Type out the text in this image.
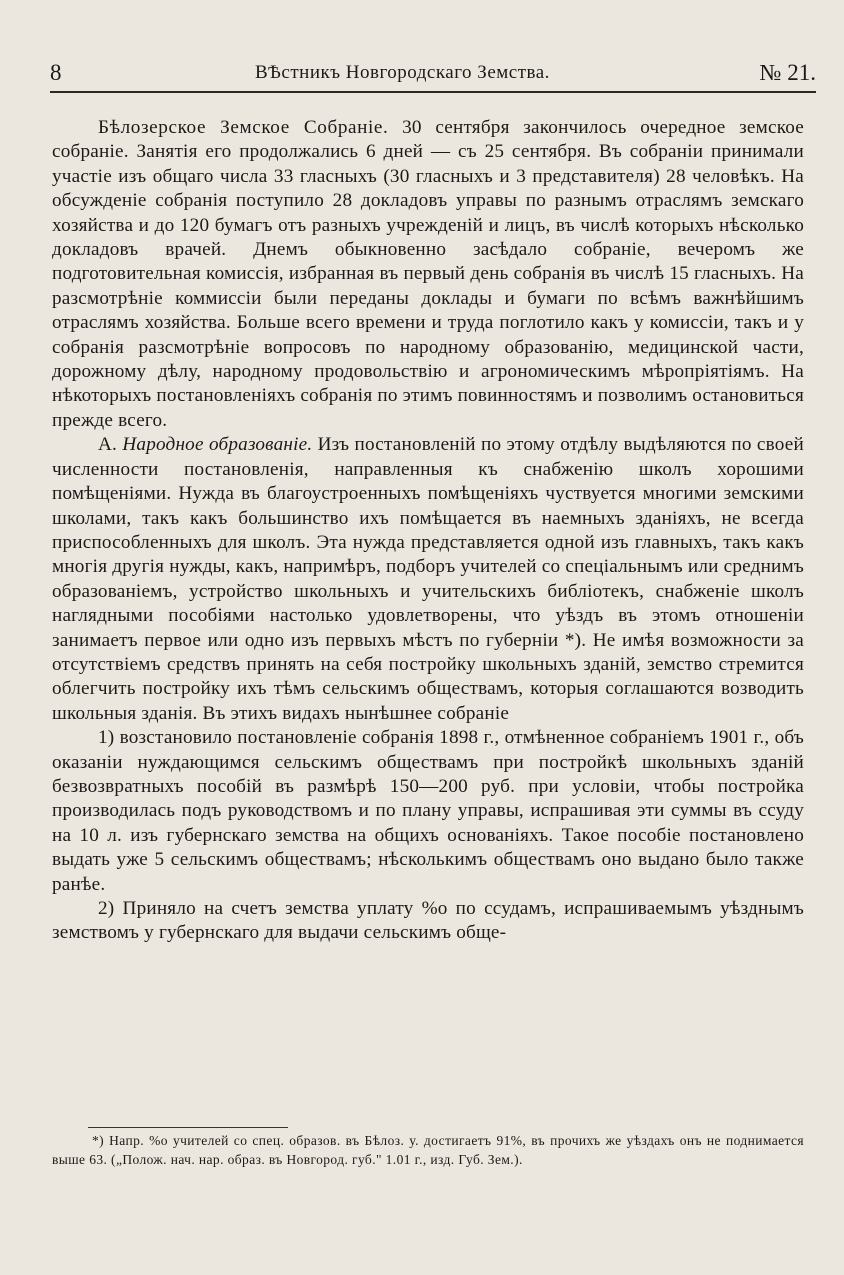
8	ВѢстникъ Новгородскаго Земства.	№ 21.

Бѣлозерское Земское Собраніе. 30 сентября закончилось очередное земское собраніе. Занятія его продолжались 6 дней — съ 25 сентября. Въ собраніи принимали участіе изъ общаго числа 33 гласныхъ (30 гласныхъ и 3 представителя) 28 человѣкъ. На обсужденіе собранія поступило 28 докладовъ управы по разнымъ отраслямъ земскаго хозяйства и до 120 бумагъ отъ разныхъ учрежденій и лицъ, въ числѣ которыхъ нѣсколько докладовъ врачей. Днемъ обыкновенно засѣдало собраніе, вечеромъ же подготовительная комиссія, избранная въ первый день собранія въ числѣ 15 гласныхъ. На разсмотрѣніе коммиссіи были переданы доклады и бумаги по всѣмъ важнѣйшимъ отраслямъ хозяйства. Больше всего времени и труда поглотило какъ у комиссіи, такъ и у собранія разсмотрѣніе вопросовъ по народному образованію, медицинской части, дорожному дѣлу, народному продовольствію и агрономическимъ мѣропріятіямъ. На нѣкоторыхъ постановленіяхъ собранія по этимъ повинностямъ и позволимъ остановиться прежде всего.

А. Народное образованіе. Изъ постановленій по этому отдѣлу выдѣляются по своей численности постановленія, направленныя къ снабженію школъ хорошими помѣщеніями. Нужда въ благоустроенныхъ помѣщеніяхъ чуствуется многими земскими школами, такъ какъ большинство ихъ помѣщается въ наемныхъ зданіяхъ, не всегда приспособленныхъ для школъ. Эта нужда представляется одной изъ главныхъ, такъ какъ многія другія нужды, какъ, напримѣръ, подборъ учителей со спеціальнымъ или среднимъ образованіемъ, устройство школьныхъ и учительскихъ библіотекъ, снабженіе школъ наглядными пособіями настолько удовлетворены, что уѣздъ въ этомъ отношеніи занимаетъ первое или одно изъ первыхъ мѣстъ по губерніи *). Не имѣя возможности за отсутствіемъ средствъ принять на себя постройку школьныхъ зданій, земство стремится облегчить постройку ихъ тѣмъ сельскимъ обществамъ, которыя соглашаются возводить школьныя зданія. Въ этихъ видахъ нынѣшнее собраніе

1) возстановило постановленіе собранія 1898 г., отмѣненное собраніемъ 1901 г., объ оказаніи нуждающимся сельскимъ обществамъ при постройкѣ школьныхъ зданій безвозвратныхъ пособій въ размѣрѣ 150—200 руб. при условіи, чтобы постройка производилась подъ руководствомъ и по плану управы, испрашивая эти суммы въ ссуду на 10 л. изъ губернскаго земства на общихъ основаніяхъ. Такое пособіе постановлено выдать уже 5 сельскимъ обществамъ; нѣсколькимъ обществамъ оно выдано было также ранѣе.

2) Приняло на счетъ земства уплату %o по ссудамъ, испрашиваемымъ уѣзднымъ земствомъ у губернскаго для выдачи сельскимъ обще-

*) Напр. %o учителей со спец. образов. въ Бѣлоз. у. достигаетъ 91%, въ прочихъ же уѣздахъ онъ не поднимается выше 63. („Полож. нач. нар. образ. въ Новгород. губ." 1.01 г., изд. Губ. Зем.).
